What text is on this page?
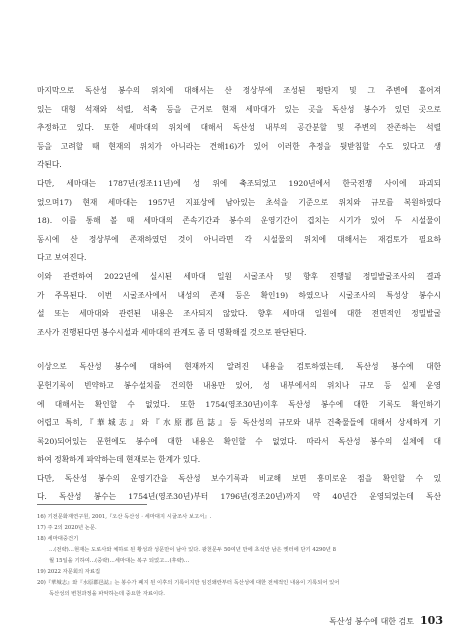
마지막으로 독산성 봉수의 위치에 대해서는 산 정상부에 조성된 평탄지 및 그 주변에 흩어져
있는 대형 석재와 석렬, 석축 등을 근거로 현재 세마대가 있는 곳을 독산성 봉수가 있던 곳으로
추정하고 있다. 또한 세마대의 위치에 대해서 독산성 내부의 공간분할 및 주변의 잔존하는 석렬
등을 고려할 때 현재의 위치가 아니라는 견해16)가 있어 이러한 추정을 뒷받침할 수도 있다고 생
각된다.

다만, 세마대는 1787년(정조11년)에 성 위에 축조되었고 1920년에서 한국전쟁 사이에 파괴되
었으며17) 현재 세마대는 1957년 지표상에 남아있는 초석을 기준으로 위치와 규모를 복원하였다
18). 이를 통해 볼 때 세마대의 존속기간과 봉수의 운영기간이 겹치는 시기가 있어 두 시설물이
동시에 산 정상부에 존재하였던 것이 아니라면 각 시설물의 위치에 대해서는 재검토가 필요하
다고 보여진다.

이와 관련하여 2022년에 실시된 세마대 일원 시굴조사 및 향후 진행될 정밀발굴조사의 결과
가 주목된다. 이번 시굴조사에서 내성의 존재 등은 확인19) 하였으나 시굴조사의 특성상 봉수시
설 또는 세마대와 관련된 내용은 조사되지 않았다. 향후 세마대 일원에 대한 전면적인 정밀발굴
조사가 진행된다면 봉수시설과 세마대의 관계도 좀 더 명확해질 것으로 판단된다.

이상으로 독산성 봉수에 대하여 현재까지 알려진 내용을 검토하였는데, 독산성 봉수에 대한
문헌기록이 빈약하고 봉수설치를 건의한 내용만 있어, 성 내부에서의 위치나 규모 등 실제 운영
에 대해서는 확인할 수 없었다. 또한 1754(영조30년)이후 독산성 봉수에 대한 기록도 확인하기
어렵고 특히,『華城志』와『水原郡邑誌』등 독산성의 규모와 내부 건축물들에 대해서 상세하게 기
록20)되어있는 문헌에도 봉수에 대한 내용은 확인할 수 없었다. 따라서 독산성 봉수의 실체에 대
하여 정확하게 파악하는데 현재로는 한계가 있다.

다만, 독산성 봉수의 운영기간을 독산성 보수기록과 비교해 보면 흥미로운 점을 확인할 수 있
다. 독산성 봉수는 1754년(영조30년)부터 1796년(정조20년)까지 약 40년간 운영되었는데 독산

16) 기전문화재연구원, 2001,『오산 독산성 · 세마대지 시굴조사 보고서』.
17) 주 2의 2020년 논문.
18) 세마대중건기
…(전략)…현재는 도로사와 체하로 된 황성과 성문만이 남아 있다. 광천문두 50여년 만에 초석만 남은 옛터에 단기 4290년 8
월 15일을 기하여…(중략)…세마대는 복구 되었고…(후략)…
19) 2022 자문회의 자료집
20)『華城志』와『水原郡邑誌』는 봉수가 폐지 된 이후의 기록이지만 임진왜란부터 독산성에 대한 전체적인 내용이 기록되어 있어
독산성의 변천과정을 파악하는데 중요한 자료이다.
독산성 봉수에 대한 검토 103
